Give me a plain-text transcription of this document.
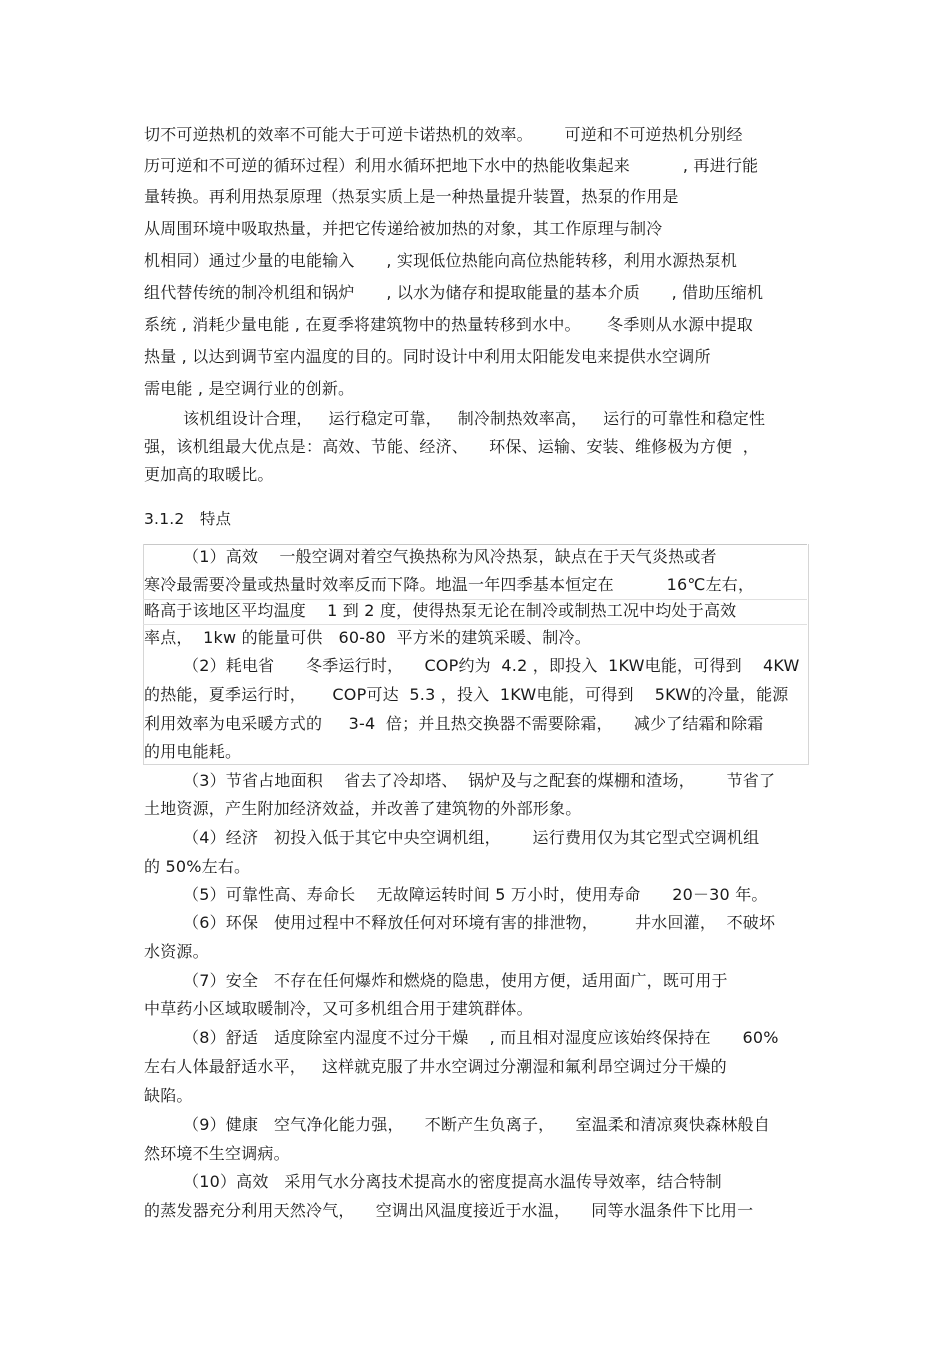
切不可逆热机的效率不可能大于可逆卡诺热机的效率。      可逆和不可逆热机分别经
历可逆和不可逆的循环过程）利用水循环把地下水中的热能收集起来          , 再进行能
量转换。再利用热泵原理（热泵实质上是一种热量提升装置，热泵的作用是
从周围环境中吸取热量，并把它传递给被加热的对象，其工作原理与制冷
机相同）通过少量的电能输入      , 实现低位热能向高位热能转移，利用水源热泵机
组代替传统的制冷机组和锅炉      , 以水为储存和提取能量的基本介质      , 借助压缩机
系统 , 消耗少量电能 , 在夏季将建筑物中的热量转移到水中。     冬季则从水源中提取
热量 , 以达到调节室内温度的目的。同时设计中利用太阳能发电来提供水空调所
需电能 , 是空调行业的创新。
该机组设计合理，   运行稳定可靠，   制冷制热效率高，   运行的可靠性和稳定性
强，该机组最大优点是：高效、节能、经济、    环保、运输、安装、维修极为方便  ，
更加高的取暖比。
3.1.2   特点
（1）高效    一般空调对着空气换热称为风冷热泵，缺点在于天气炎热或者
寒冷最需要冷量或热量时效率反而下降。地温一年四季基本恒定在          16℃左右，
略高于该地区平均温度    1 到 2 度，使得热泵无论在制冷或制热工况中均处于高效
率点，  1kw 的能量可供   60-80  平方米的建筑采暖、制冷。
（2）耗电省      冬季运行时，    COP约为  4.2 ，即投入  1KW电能，可得到    4KW
的热能，夏季运行时，     COP可达  5.3 ，投入  1KW电能，可得到    5KW的冷量，能源
利用效率为电采暖方式的     3-4  倍；并且热交换器不需要除霜，    减少了结霜和除霜
的用电能耗。
（3）节省占地面积    省去了冷却塔、  锅炉及与之配套的煤棚和渣场，      节省了
土地资源，产生附加经济效益，并改善了建筑物的外部形象。
（4）经济   初投入低于其它中央空调机组，      运行费用仅为其它型式空调机组
的 50%左右。
（5）可靠性高、寿命长    无故障运转时间 5 万小时，使用寿命      20－30 年。
（6）环保   使用过程中不释放任何对环境有害的排泄物，       井水回灌，  不破坏
水资源。
（7）安全   不存在任何爆炸和燃烧的隐患，使用方便，适用面广，既可用于
中草药小区域取暖制冷，又可多机组合用于建筑群体。
（8）舒适   适度除室内湿度不过分干燥    , 而且相对湿度应该始终保持在      60%
左右人体最舒适水平，   这样就克服了井水空调过分潮湿和氟利昂空调过分干燥的
缺陷。
（9）健康   空气净化能力强，    不断产生负离子，    室温柔和清凉爽快森林般自
然环境不生空调病。
（10）高效   采用气水分离技术提高水的密度提高水温传导效率，结合特制
的蒸发器充分利用天然冷气，    空调出风温度接近于水温，    同等水温条件下比用一
